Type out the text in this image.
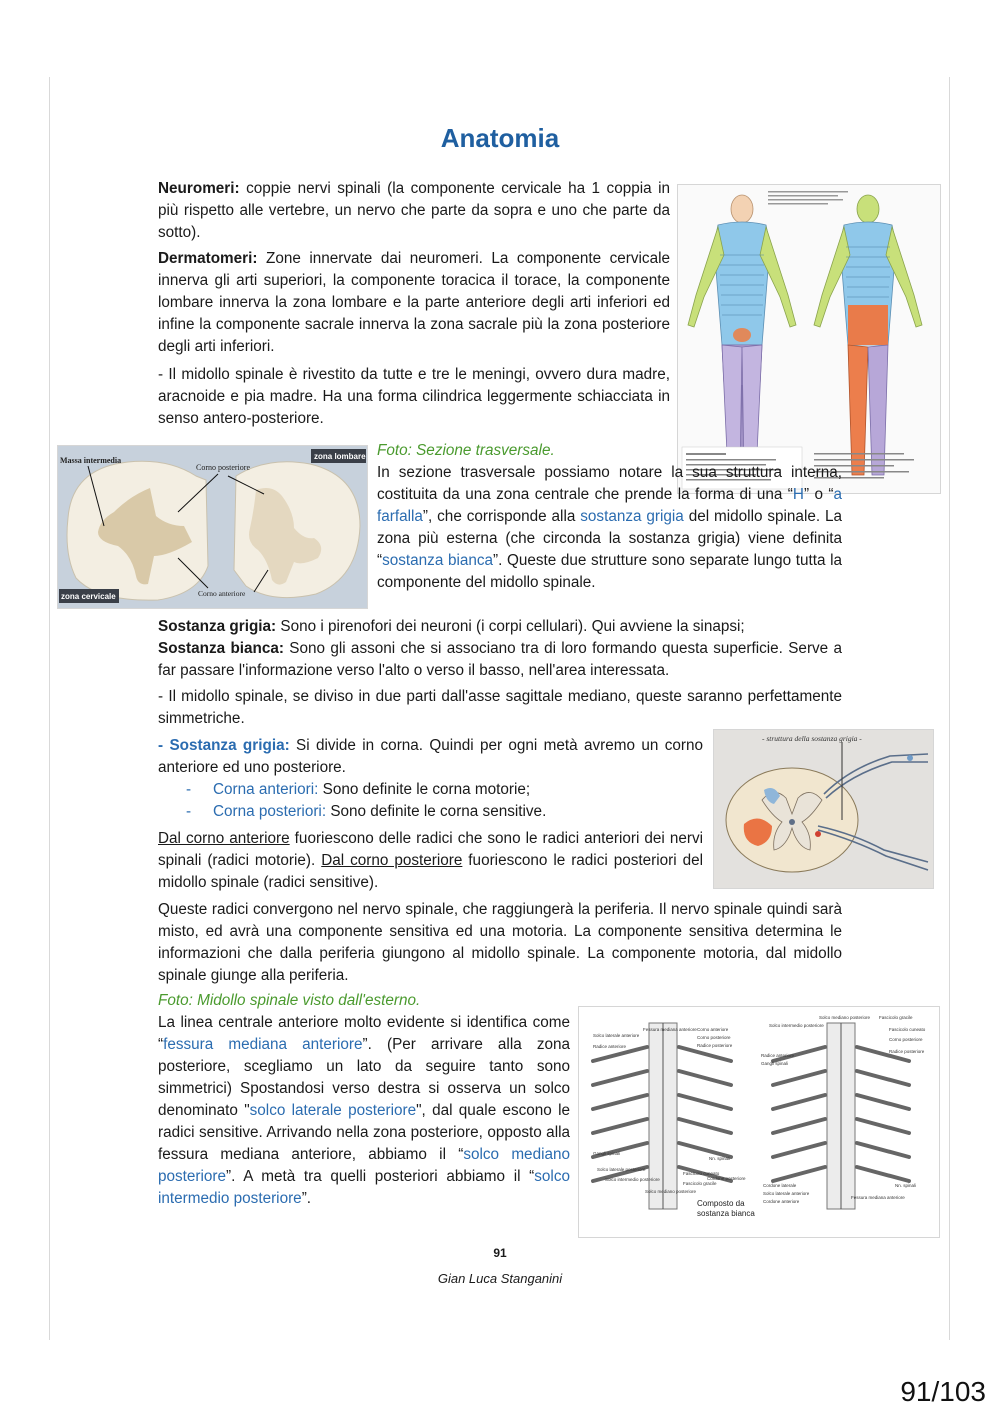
Anatomia

Neuromeri: coppie nervi spinali (la componente cervicale ha 1 coppia in più rispetto alle vertebre, un nervo che parte da sopra e uno che parte da sotto).

Dermatomeri: Zone innervate dai neuromeri. La componente cervicale innerva gli arti superiori, la componente toracica il torace, la componente lombare innerva la zona lombare e la parte anteriore degli arti inferiori ed infine la componente sacrale innerva la zona sacrale più la zona posteriore degli arti inferiori.

- Il midollo spinale è rivestito da tutte e tre le meningi, ovvero dura madre, aracnoide e pia madre. Ha una forma cilindrica leggermente schiacciata in senso antero-posteriore.

zona lombare
zona cervicale
Massa intermedia
Corno posteriore
Corno anteriore

Foto: Sezione trasversale.
In sezione trasversale possiamo notare la sua struttura interna, costituita da una zona centrale che prende la forma di una “H” o “a farfalla”, che corrisponde alla sostanza grigia del midollo spinale. La zona più esterna (che circonda la sostanza grigia) viene definita “sostanza bianca”. Queste due strutture sono separate lungo tutta la componente del midollo spinale.

Sostanza grigia: Sono i pirenofori dei neuroni (i corpi cellulari). Qui avviene la sinapsi;

Sostanza bianca: Sono gli assoni che si associano tra di loro formando questa superficie. Serve a far passare l'informazione verso l'alto o verso il basso, nell'area interessata.

- Il midollo spinale, se diviso in due parti dall'asse sagittale mediano, queste saranno perfettamente simmetriche.

- Sostanza grigia: Si divide in corna. Quindi per ogni metà avremo un corno anteriore ed uno posteriore.

- Corna anteriori: Sono definite le corna motorie;
- Corna posteriori: Sono definite le corna sensitive.
- struttura della sostanza grigia -

Dal corno anteriore fuoriescono delle radici che sono le radici anteriori dei nervi spinali (radici motorie). Dal corno posteriore fuoriescono le radici posteriori del midollo spinale (radici sensitive).

Queste radici convergono nel nervo spinale, che raggiungerà la periferia. Il nervo spinale quindi sarà misto, ed avrà una componente sensitiva ed una motoria. La componente sensitiva determina le informazioni che dalla periferia giungono al midollo spinale. La componente motoria, dal midollo spinale giunge alla periferia.

Solco laterale anteriore
Radice anteriore
Gangli spinali
Solco laterale posteriore
Solco intermedio posteriore
Fessura mediana anteriore Corno anteriore
Corno posteriore
Radice posteriore
Nn. spinali
Fascicolo cuneato
Fascicolo gracile
Cordone posteriore
Solco mediano posteriore
Solco mediano posteriore Fascicolo gracile
Solco intermedio posteriore
Fascicolo cuneato
Corno posteriore
Radice posteriore
Radice anteriore
Gangli spinali
Nn. spinali
Cordone laterale
Solco laterale anteriore
Cordone anteriore
Fessura mediana anteriore
Composto da sostanza bianca

Foto: Midollo spinale visto dall'esterno.
La linea centrale anteriore molto evidente si identifica come “fessura mediana anteriore”. (Per arrivare alla zona posteriore, scegliamo un lato da seguire tanto sono simmetrici) Spostandosi verso destra si osserva un solco denominato "solco laterale posteriore", dal quale escono le radici sensitive. Arrivando nella zona posteriore, opposto alla fessura mediana anteriore, abbiamo il “solco mediano posteriore”. A metà tra quelli posteriori abbiamo il “solco intermedio posteriore”.

91
Gian Luca Stanganini
91/103
